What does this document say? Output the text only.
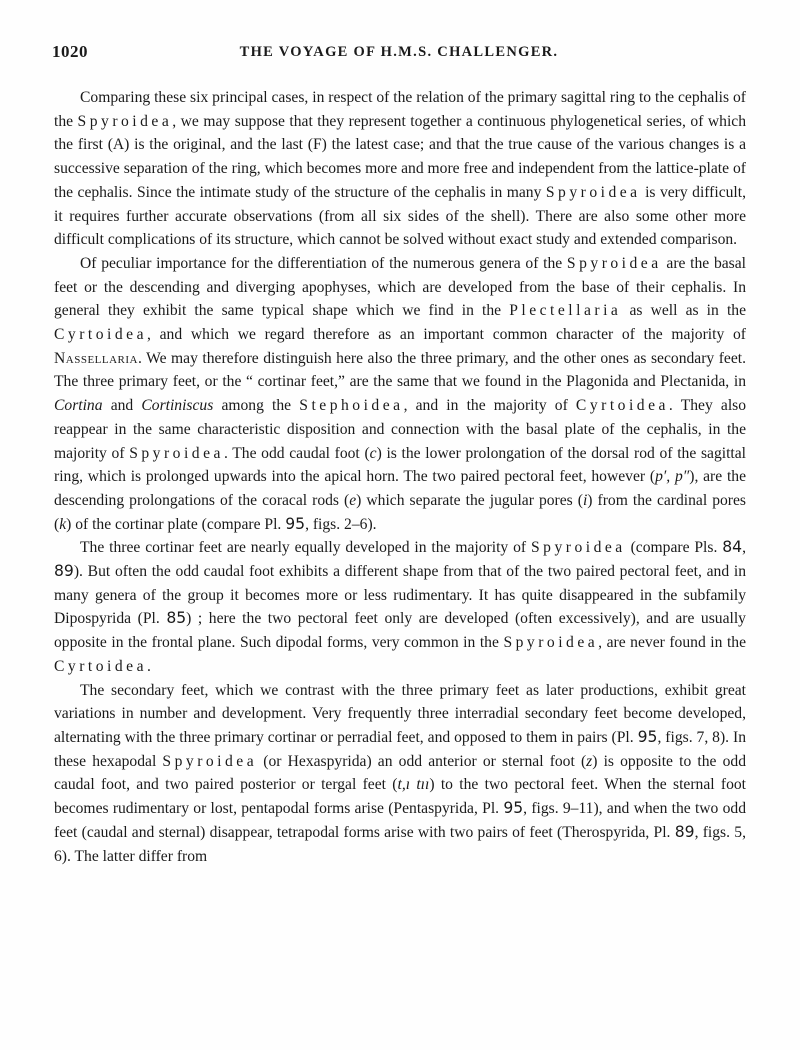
1020	THE VOYAGE OF H.M.S. CHALLENGER.

Comparing these six principal cases, in respect of the relation of the primary sagittal ring to the cephalis of the Spyroidea, we may suppose that they represent together a continuous phylogenetical series, of which the first (A) is the original, and the last (F) the latest case; and that the true cause of the various changes is a successive separation of the ring, which becomes more and more free and independent from the lattice-plate of the cephalis. Since the intimate study of the structure of the cephalis in many Spyroidea is very difficult, it requires further accurate observations (from all six sides of the shell). There are also some other more difficult complications of its structure, which cannot be solved without exact study and extended comparison.

Of peculiar importance for the differentiation of the numerous genera of the Spyroidea are the basal feet or the descending and diverging apophyses, which are developed from the base of their cephalis. In general they exhibit the same typical shape which we find in the Plectellaria as well as in the Cyrtoidea, and which we regard therefore as an important common character of the majority of Nassellaria. We may therefore distinguish here also the three primary, and the other ones as secondary feet. The three primary feet, or the “ cortinar feet,” are the same that we found in the Plagonida and Plectanida, in Cortina and Cortiniscus among the Stephoidea, and in the majority of Cyrtoidea. They also reappear in the same characteristic disposition and connection with the basal plate of the cephalis, in the majority of Spyroidea. The odd caudal foot (c) is the lower prolongation of the dorsal rod of the sagittal ring, which is prolonged upwards into the apical horn. The two paired pectoral feet, however (p′, p″), are the descending prolongations of the coracal rods (e) which separate the jugular pores (i) from the cardinal pores (k) of the cortinar plate (compare Pl. 95, figs. 2–6).

The three cortinar feet are nearly equally developed in the majority of Spyroidea (compare Pls. 84, 89). But often the odd caudal foot exhibits a different shape from that of the two paired pectoral feet, and in many genera of the group it becomes more or less rudimentary. It has quite disappeared in the subfamily Dipospyrida (Pl. 85) ; here the two pectoral feet only are developed (often excessively), and are usually opposite in the frontal plane. Such dipodal forms, very common in the Spyroidea, are never found in the Cyrtoidea.

The secondary feet, which we contrast with the three primary feet as later productions, exhibit great variations in number and development. Very frequently three interradial secondary feet become developed, alternating with the three primary cortinar or perradial feet, and opposed to them in pairs (Pl. 95, figs. 7, 8). In these hexapodal Spyroidea (or Hexaspyrida) an odd anterior or sternal foot (z) is opposite to the odd caudal foot, and two paired posterior or tergal feet (t,ı tıı) to the two pectoral feet. When the sternal foot becomes rudimentary or lost, pentapodal forms arise (Pentaspyrida, Pl. 95, figs. 9–11), and when the two odd feet (caudal and sternal) disappear, tetrapodal forms arise with two pairs of feet (Therospyrida, Pl. 89, figs. 5, 6). The latter differ from
